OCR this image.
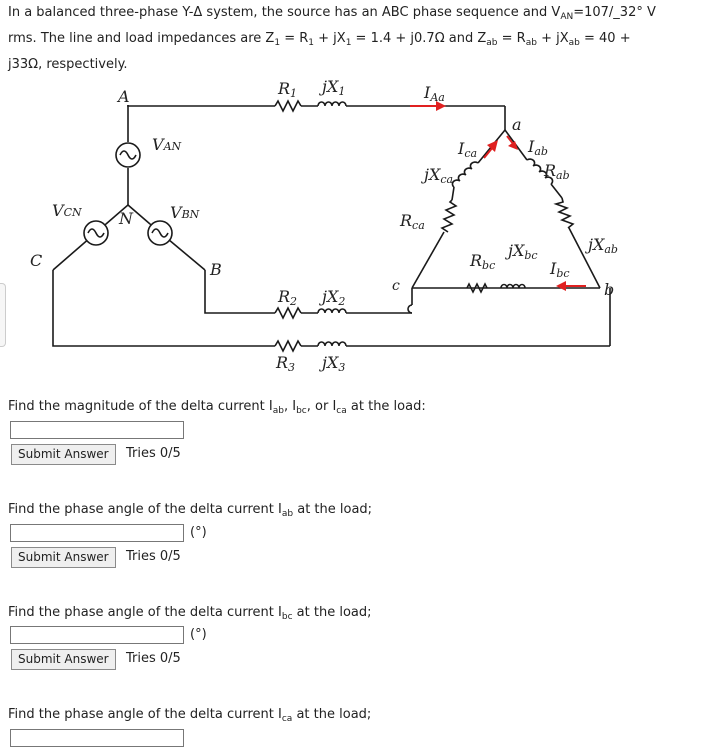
In a balanced three-phase Y-Δ system, the source has an ABC phase sequence and $V_{AN}=107/\_32^\circ$ V
rms. The line and load impedances are $Z_1 = R_1 + jX_1 = 1.4 + j0.7\Omega$ and $Z_{ab} = R_{ab} + jX_{ab} = 40$ +
j33Ω, respectively.
A
B
C
N
a
b
c
VAN
VBN
VCN
R1 jX1
R2 jX2
R3 jX3
IAa
Ica	Iab
Ibc
jXca
Rca
Rab
jXab
Rbc
jXbc
Find the magnitude of the delta current $I_{ab}$, $I_{bc}$, or $I_{ca}$ at the load:
Submit Answer	Tries 0/5
Find the phase angle of the delta current $I_{ab}$ at the load;
(°)
Submit Answer	Tries 0/5
Find the phase angle of the delta current $I_{bc}$ at the load;
(°)
Submit Answer	Tries 0/5
Find the phase angle of the delta current $I_{ca}$ at the load;
